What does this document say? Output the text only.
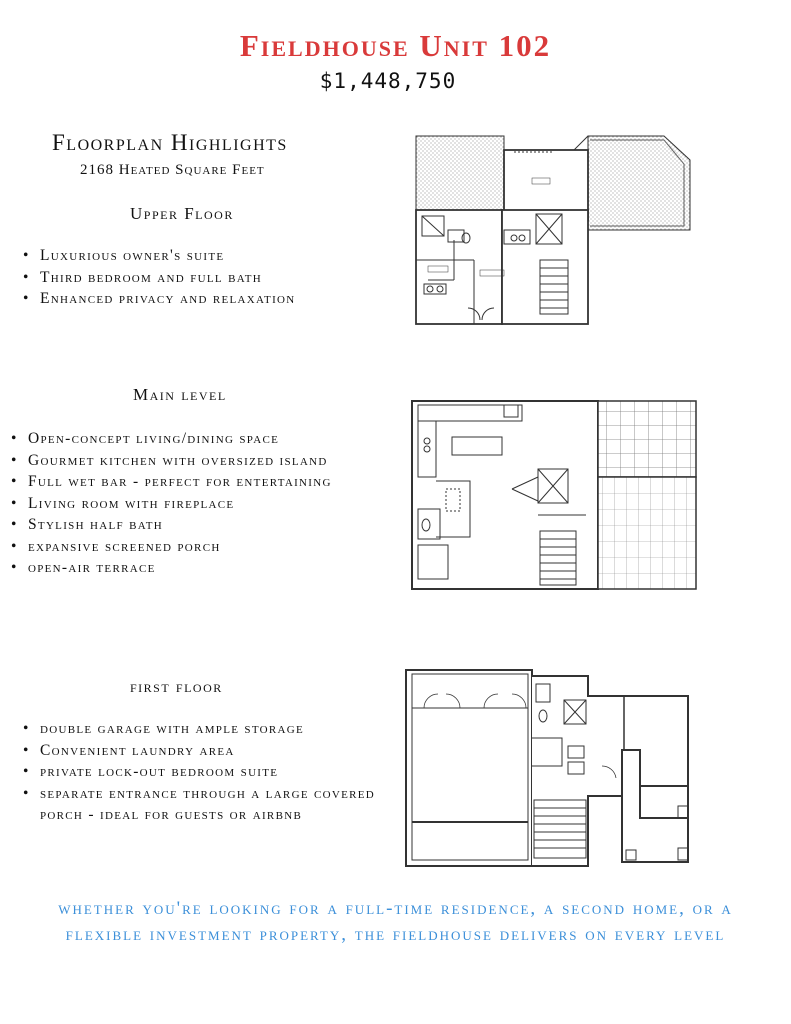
Fieldhouse Unit 102
$1,448,750
Floorplan Highlights
2168 Heated Square Feet
Upper Floor
• Luxurious owner's suite
• Third bedroom and full bath
• Enhanced privacy and relaxation
Main level
• Open-concept living/dining space
• Gourmet kitchen with oversized island
• Full wet bar - perfect for entertaining
• Living room with fireplace
• Stylish half bath
• expansive screened porch
• open-air terrace
first floor
• double garage with ample storage
• Convenient laundry area
• private lock-out bedroom suite
• separate entrance through a large covered porch - ideal for guests or airbnb
whether you're looking for a full-time residence, a second home, or a flexible investment property, the fieldhouse delivers on every level
